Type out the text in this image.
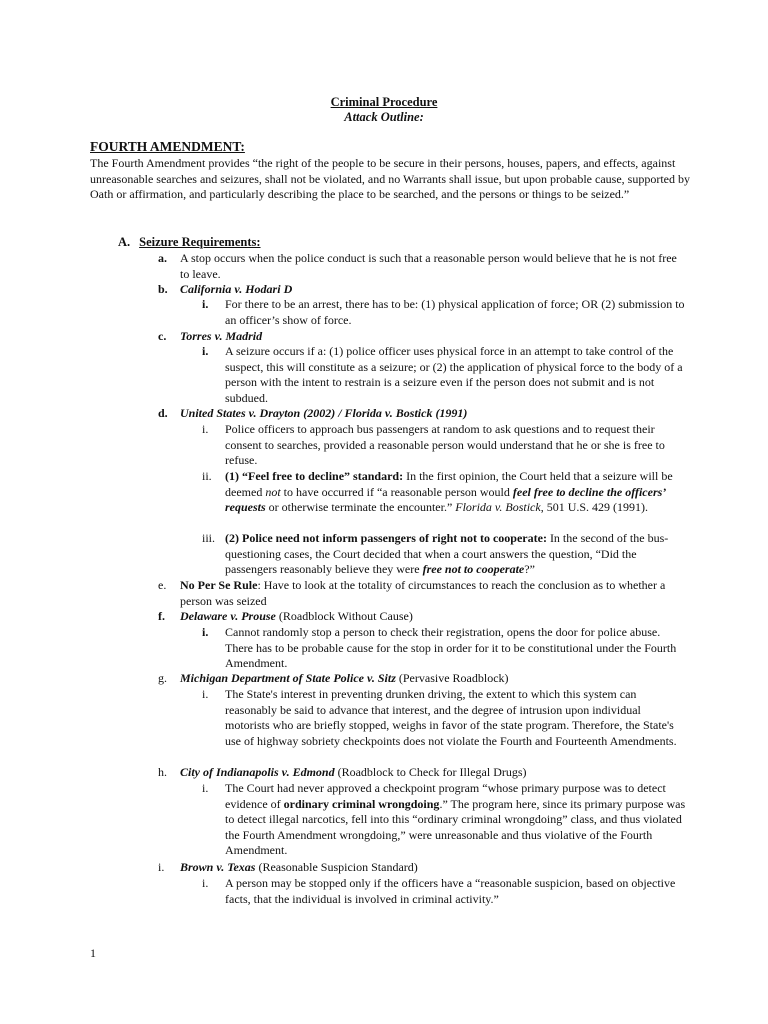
Criminal Procedure
Attack Outline:
FOURTH AMENDMENT:
The Fourth Amendment provides “the right of the people to be secure in their persons, houses, papers, and effects, against unreasonable searches and seizures, shall not be violated, and no Warrants shall issue, but upon probable cause, supported by Oath or affirmation, and particularly describing the place to be searched, and the persons or things to be seized.”
A. Seizure Requirements:
a. A stop occurs when the police conduct is such that a reasonable person would believe that he is not free to leave.
b. California v. Hodari D
i.	For there to be an arrest, there has to be: (1) physical application of force; OR (2) submission to an officer’s show of force.
c. Torres v. Madrid
i.	A seizure occurs if a: (1) police officer uses physical force in an attempt to take control of the suspect, this will constitute as a seizure; or (2) the application of physical force to the body of a person with the intent to restrain is a seizure even if the person does not submit and is not subdued.
d. United States v. Drayton (2002) / Florida v. Bostick (1991)
i.	Police officers to approach bus passengers at random to ask questions and to request their consent to searches, provided a reasonable person would understand that he or she is free to refuse.
ii.	(1) “Feel free to decline” standard: In the first opinion, the Court held that a seizure will be deemed not to have occurred if “a reasonable person would feel free to decline the officers’ requests or otherwise terminate the encounter.” Florida v. Bostick, 501 U.S. 429 (1991).
iii. (2) Police need not inform passengers of right not to cooperate: In the second of the bus-questioning cases, the Court decided that when a court answers the question, “Did the passengers reasonably believe they were free not to cooperate?”
e. No Per Se Rule: Have to look at the totality of circumstances to reach the conclusion as to whether a person was seized
f. Delaware v. Prouse (Roadblock Without Cause)
i.	Cannot randomly stop a person to check their registration, opens the door for police abuse. There has to be probable cause for the stop in order for it to be constitutional under the Fourth Amendment.
g. Michigan Department of State Police v. Sitz (Pervasive Roadblock)
i.	The State's interest in preventing drunken driving, the extent to which this system can reasonably be said to advance that interest, and the degree of intrusion upon individual motorists who are briefly stopped, weighs in favor of the state program. Therefore, the State's use of highway sobriety checkpoints does not violate the Fourth and Fourteenth Amendments.
h. City of Indianapolis v. Edmond (Roadblock to Check for Illegal Drugs)
i.	The Court had never approved a checkpoint program “whose primary purpose was to detect evidence of ordinary criminal wrongdoing.” The program here, since its primary purpose was to detect illegal narcotics, fell into this “ordinary criminal wrongdoing” class, and thus violated the Fourth Amendment wrongdoing,” were unreasonable and thus violative of the Fourth Amendment.
i. Brown v. Texas (Reasonable Suspicion Standard)
i.	A person may be stopped only if the officers have a “reasonable suspicion, based on objective facts, that the individual is involved in criminal activity.”
1
